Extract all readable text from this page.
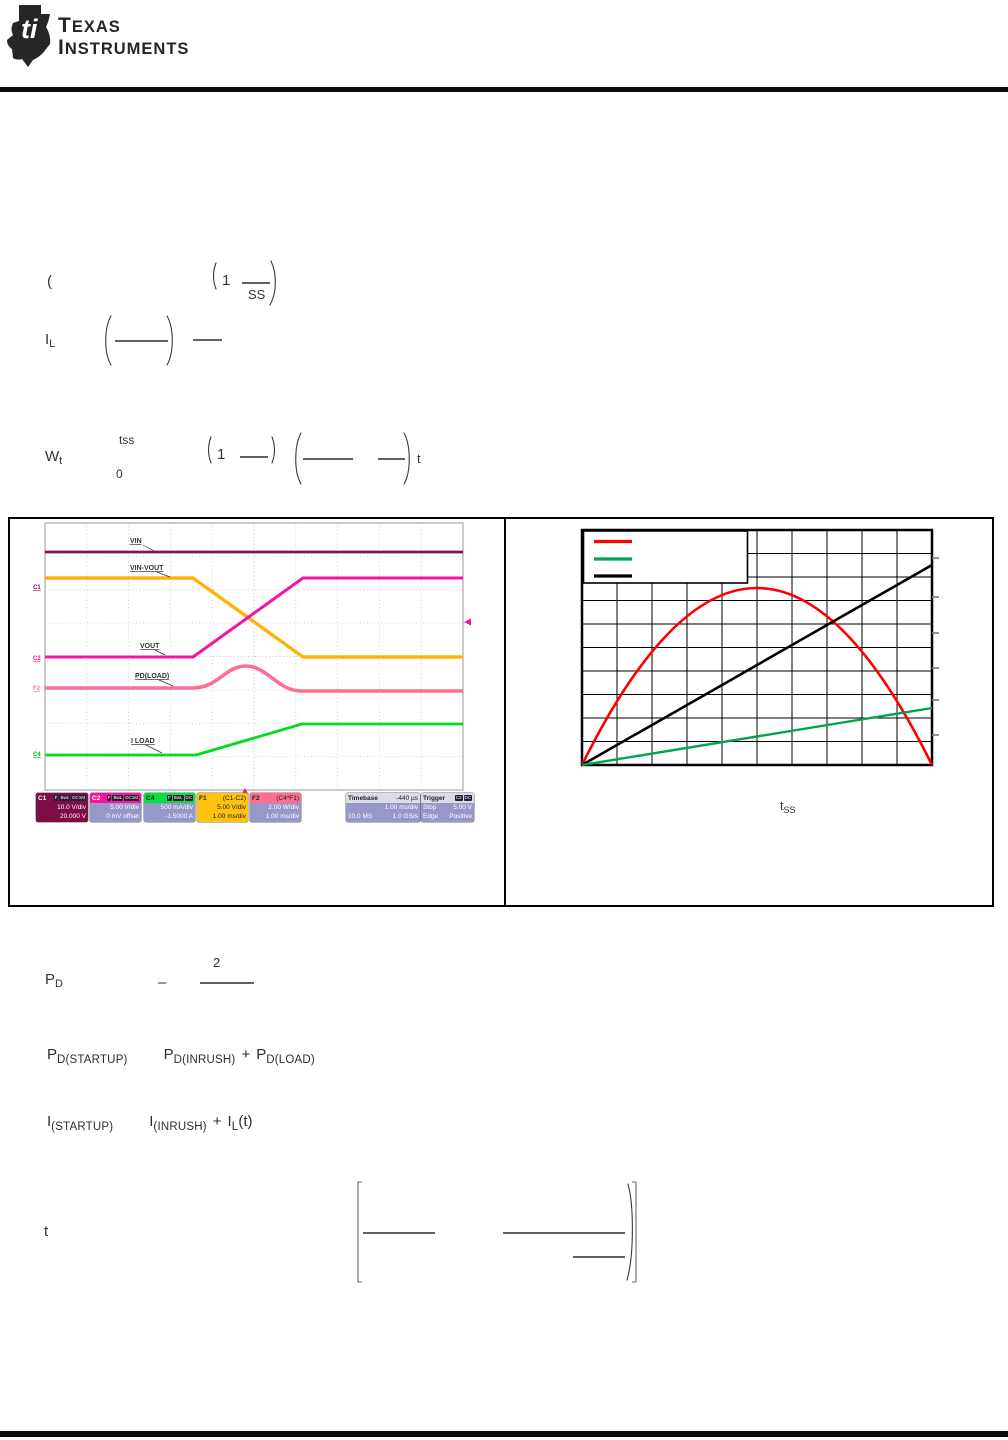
ti TEXAS
INSTRUMENTS
(	1
SS
$I_L$
$W_t$
tss
0
1	t
VIN
VIN-VOUT
VOUT
PD(LOAD)
I LOAD
C1
C2
F2
C4
C1 F BwL DC1M
10.0 V/div
20.000 V
C2 F BwL DC1M
5.00 V/div
0 mV offset
C4	F BwL DC
500 mA/div
-1.5000 A
F1	(C1-C2)
5.00 V/div
1.00 ms/div
F2	(C4*F1)
2.00 W/div
1.00 ms/div
Timebase	-440 µs
1.00 ms/div
10.0 MS	1.0 GS/s
Trigger C2 DC
Stop	5.00 V
Edge Positive
$t_{SS}$
$P_D$	–
2
$P_{D(STARTUP)}$ $P_{D(INRUSH)} + P_{D(LOAD)}$
$I_{(STARTUP)}$ $I_{(INRUSH)} + I_L(t)$
t
